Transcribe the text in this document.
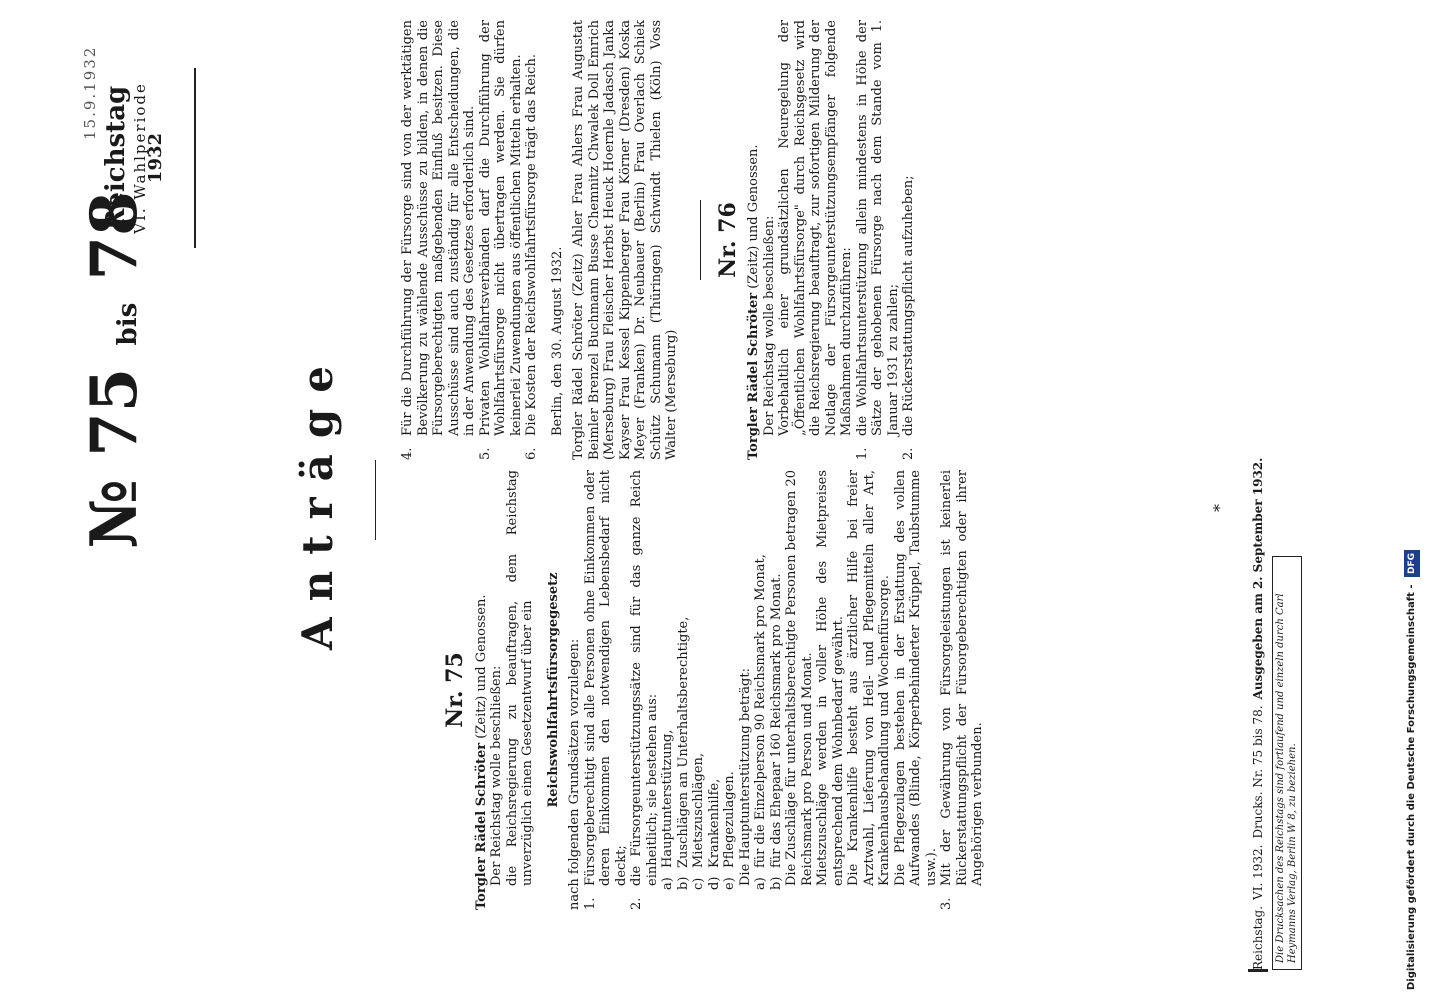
15.9.1932 Reichstag VI. Wahlperiode
1932
№ 75 bis 78
Anträge
Nr. 75

Torgler Rädel Schröter (Zeitz) und Genossen. Der Reichstag wolle beschließen: die Reichsregierung zu beauftragen, dem Reichstag unverzüglich einen Gesetzentwurf über ein Reichswohlfahrtsfürsorgegesetz nach folgenden Grundsätzen vorzulegen: 1.
Fürsorgeberechtigt sind alle Personen ohne Einkommen oder deren Einkommen den notwendigen Lebensbedarf nicht deckt;
2.
die Fürsorgeunterstützungssätze sind für das ganze Reich einheitlich; sie bestehen aus: a)
Hauptunterstützung,
b)
Zuschlägen an Unterhaltsberechtigte,
c)
Mietszuschlägen,
d)
Krankenhilfe,
e)
Pflegezulagen. Die Hauptunterstützung beträgt: a)
für die Einzelperson 90 Reichsmark pro Monat,
b)
für das Ehepaar 160 Reichsmark pro Monat. Die Zuschläge für unterhaltsberechtigte Personen betragen 20 Reichsmark pro Person und Monat. Mietszuschläge werden in voller Höhe des Mietpreises entsprechend dem Wohnbedarf gewährt. Die Krankenhilfe besteht aus ärztlicher Hilfe bei freier Arztwahl, Lieferung von Heil- und Pflegemitteln aller Art, Krankenhausbehandlung und Wochenfürsorge. Die Pflegezulagen bestehen in der Erstattung des vollen Aufwandes (Blinde, Körperbehinderter Krüppel, Taubstumme usw.).

3.
Mit der Gewährung von Fürsorgeleistungen ist keinerlei Rückerstattungspflicht der Fürsorgeberechtigten oder ihrer Angehörigen verbunden.
4.
Für die Durchführung der Fürsorge sind von der werktätigen Bevölkerung zu wählende Ausschüsse zu bilden, in denen die Fürsorgeberechtigten maßgebenden Einfluß besitzen. Diese Ausschüsse sind auch zuständig für alle Entscheidungen, die in der Anwendung des Gesetzes erforderlich sind.
5.
Privaten Wohlfahrtsverbänden darf die Durchführung der Wohlfahrtsfürsorge nicht übertragen werden. Sie dürfen keinerlei Zuwendungen aus öffentlichen Mitteln erhalten.
6.
Die Kosten der Reichswohlfahrtsfürsorge trägt das Reich. Berlin, den 30. August 1932. Torgler Rädel Schröter (Zeitz) Ahler Frau Ahlers Frau Augustat Beimler Brenzel Buchmann Busse Chemnitz Chwalek Doll Emrich (Merseburg) Frau Fleischer Herbst Heuck Hoernle Jadasch Janka Kayser Frau Kessel Kippenberger Frau Körner (Dresden) Koska Meyer (Franken) Dr. Neubauer (Berlin) Frau Overlach Schiek Schütz Schumann (Thüringen) Schwindt Thielen (Köln) Voss Walter (Merseburg)

Nr. 76

Torgler Rädel Schröter (Zeitz) und Genossen. Der Reichstag wolle beschließen: Vorbehaltlich einer grundsätzlichen Neuregelung der „Öffentlichen Wohlfahrtsfürsorge" durch Reichsgesetz wird die Reichsregierung beauftragt, zur sofortigen Milderung der Notlage der Fürsorgeunterstützungsempfänger folgende Maßnahmen durchzuführen:

1.
die Wohlfahrtsunterstützung allein mindestens in Höhe der Sätze der gehobenen Fürsorge nach dem Stande vom 1. Januar 1931 zu zahlen;
2.
die Rückerstattungspflicht aufzuheben;
*
Reichstag.
VI. 1932.
Drucks. Nr. 75 bis 78.
Ausgegeben am 2. September 1932.
Die Drucksachen des Reichstags sind fortlaufend und einzeln durch Carl Heymanns Verlag, Berlin W 8, zu beziehen.	Digitalisierung gefördert durch die Deutsche Forschungsgemeinschaft - DFG
